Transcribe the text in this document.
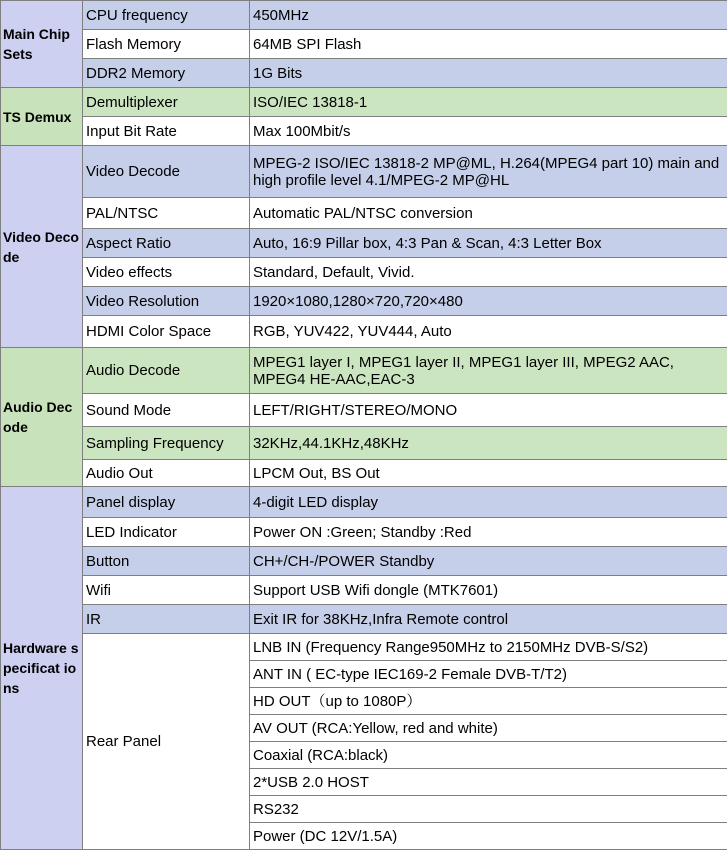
Main Chip Sets	CPU frequency	450MHz
	Flash Memory	64MB SPI Flash
	DDR2 Memory	1G Bits
TS Demux	Demultiplexer	ISO/IEC 13818-1
	Input Bit Rate	Max 100Mbit/s
Video Decode	Video Decode	MPEG-2 ISO/IEC 13818-2 MP@ML, H.264(MPEG4 part 10) main and high profile level 4.1/MPEG-2 MP@HL
	PAL/NTSC	Automatic PAL/NTSC conversion
	Aspect Ratio	Auto, 16:9 Pillar box, 4:3 Pan & Scan, 4:3 Letter Box
	Video effects	Standard, Default, Vivid.
	Video Resolution	1920×1080,1280×720,720×480
	HDMI Color Space	RGB, YUV422, YUV444, Auto
Audio Decode	Audio Decode	MPEG1 layer I, MPEG1 layer II, MPEG1 layer III, MPEG2 AAC, MPEG4 HE-AAC,EAC-3
	Sound Mode	LEFT/RIGHT/STEREO/MONO
	Sampling Frequency	32KHz,44.1KHz,48KHz
	Audio Out	LPCM Out, BS Out
Hardware specificat ions	Panel display	4-digit LED display
	LED Indicator	Power ON :Green; Standby :Red
	Button	CH+/CH-/POWER Standby
	Wifi	Support USB Wifi dongle (MTK7601)
	IR	Exit IR for 38KHz,Infra Remote control
	Rear Panel	LNB IN (Frequency Range950MHz to 2150MHz DVB-S/S2)
		ANT IN ( EC-type IEC169-2 Female DVB-T/T2)
		HD OUT（up to 1080P）
		AV OUT (RCA:Yellow, red and white)
		Coaxial (RCA:black)
		2*USB 2.0 HOST
		RS232
		Power (DC 12V/1.5A)
